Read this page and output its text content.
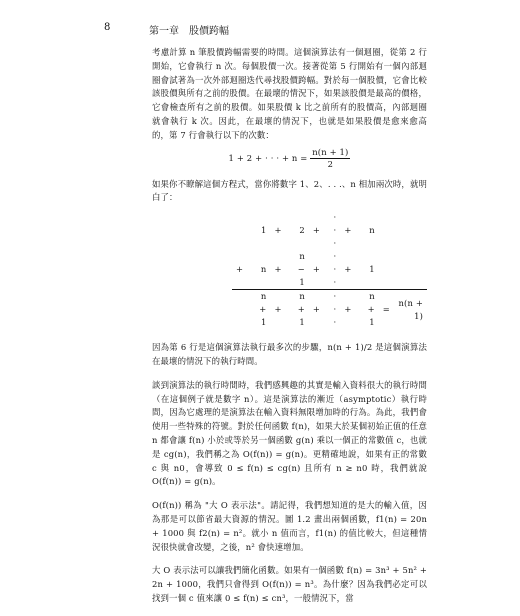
8	第一章　股價跨幅

考慮計算 n 筆股價跨幅需要的時間。這個演算法有一個迴圈，從第 2 行開始，它會執行 n 次。每個股價一次。接著從第 5 行開始有一個內部迴圈會試著為一次外部迴圈迭代尋找股價跨幅。對於每一個股價，它會比較該股價與所有之前的股價。在最壞的情況下，如果該股價是最高的價格，它會檢查所有之前的股價。如果股價 k 比之前所有的股價高，內部迴圈就會執行 k 次。因此，在最壞的情況下，也就是如果股價是愈來愈高的，第 7 行會執行以下的次數：

1 + 2 + · · · + $n = \frac{n(n + 1)}{2}$

如果你不瞭解這個方程式，當你將數字 1、2、. . .、n 相加兩次時，就明白了：

	1	+	2	+	· · ·	+	n		
+	n	+	n − 1	+	· · ·	+	1		
	n + 1	+	n + 1	+	· · ·	+	n + 1	=	n(n + 1)

因為第 6 行是這個演算法執行最多次的步驟，n(n + 1)/2 是這個演算法在最壞的情況下的執行時間。

談到演算法的執行時間時，我們感興趣的其實是輸入資料很大的執行時間（在這個例子就是數字 n）。這是演算法的漸近（asymptotic）執行時間，因為它處理的是演算法在輸入資料無限增加時的行為。為此，我們會使用一些特殊的符號。對於任何函數 f(n)，如果大於某個初始正值的任意 n 都會讓 f(n) 小於或等於另一個函數 g(n) 乘以一個正的常數值 c，也就是 cg(n)，我們稱之為 O(f(n)) = g(n)。更精確地說，如果有正的常數 c 與 n0，會導致 0 ≤ f(n) ≤ cg(n) 且所有 n ≥ n0 時，我們就說 O(f(n)) = g(n)。

O(f(n)) 稱為 "大 O 表示法"。請記得，我們想知道的是大的輸入值，因為那是可以節省最大資源的情況。圖 1.2 畫出兩個函數，f1(n) = 20n + 1000 與 f2(n) = n²。就小 n 值而言，f1(n) 的值比較大，但這種情況很快就會改變，之後，n² 會快速增加。

大 O 表示法可以讓我們簡化函數。如果有一個函數 f(n) = 3n³ + 5n² + 2n + 1000，我們只會得到 O(f(n)) = n³。為什麼？因為我們必定可以找到一個 c 值來讓 0 ≤ f(n) ≤ cn³，一般情況下，當
